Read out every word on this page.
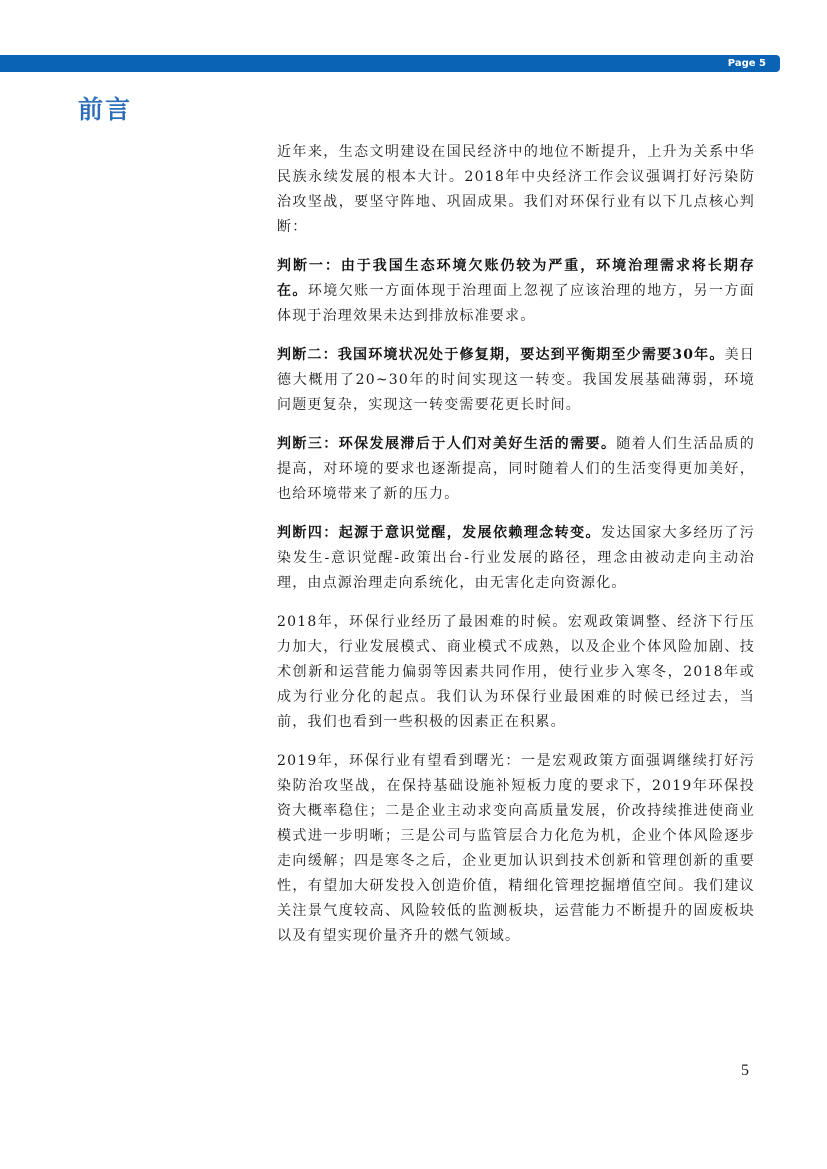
Page 5
前言

近年来，生态文明建设在国民经济中的地位不断提升，上升为关系中华民族永续发展的根本大计。2018年中央经济工作会议强调打好污染防治攻坚战，要坚守阵地、巩固成果。我们对环保行业有以下几点核心判断：

判断一：由于我国生态环境欠账仍较为严重，环境治理需求将长期存在。环境欠账一方面体现于治理面上忽视了应该治理的地方，另一方面体现于治理效果未达到排放标准要求。

判断二：我国环境状况处于修复期，要达到平衡期至少需要30年。美日德大概用了20~30年的时间实现这一转变。我国发展基础薄弱，环境问题更复杂，实现这一转变需要花更长时间。

判断三：环保发展滞后于人们对美好生活的需要。随着人们生活品质的提高，对环境的要求也逐渐提高，同时随着人们的生活变得更加美好，也给环境带来了新的压力。

判断四：起源于意识觉醒，发展依赖理念转变。发达国家大多经历了污染发生-意识觉醒-政策出台-行业发展的路径，理念由被动走向主动治理，由点源治理走向系统化，由无害化走向资源化。

2018年，环保行业经历了最困难的时候。宏观政策调整、经济下行压力加大，行业发展模式、商业模式不成熟，以及企业个体风险加剧、技术创新和运营能力偏弱等因素共同作用，使行业步入寒冬，2018年或成为行业分化的起点。我们认为环保行业最困难的时候已经过去，当前，我们也看到一些积极的因素正在积累。

2019年，环保行业有望看到曙光：一是宏观政策方面强调继续打好污染防治攻坚战，在保持基础设施补短板力度的要求下，2019年环保投资大概率稳住；二是企业主动求变向高质量发展，价改持续推进使商业模式进一步明晰；三是公司与监管层合力化危为机，企业个体风险逐步走向缓解；四是寒冬之后，企业更加认识到技术创新和管理创新的重要性，有望加大研发投入创造价值，精细化管理挖掘增值空间。我们建议关注景气度较高、风险较低的监测板块，运营能力不断提升的固废板块以及有望实现价量齐升的燃气领域。

5
